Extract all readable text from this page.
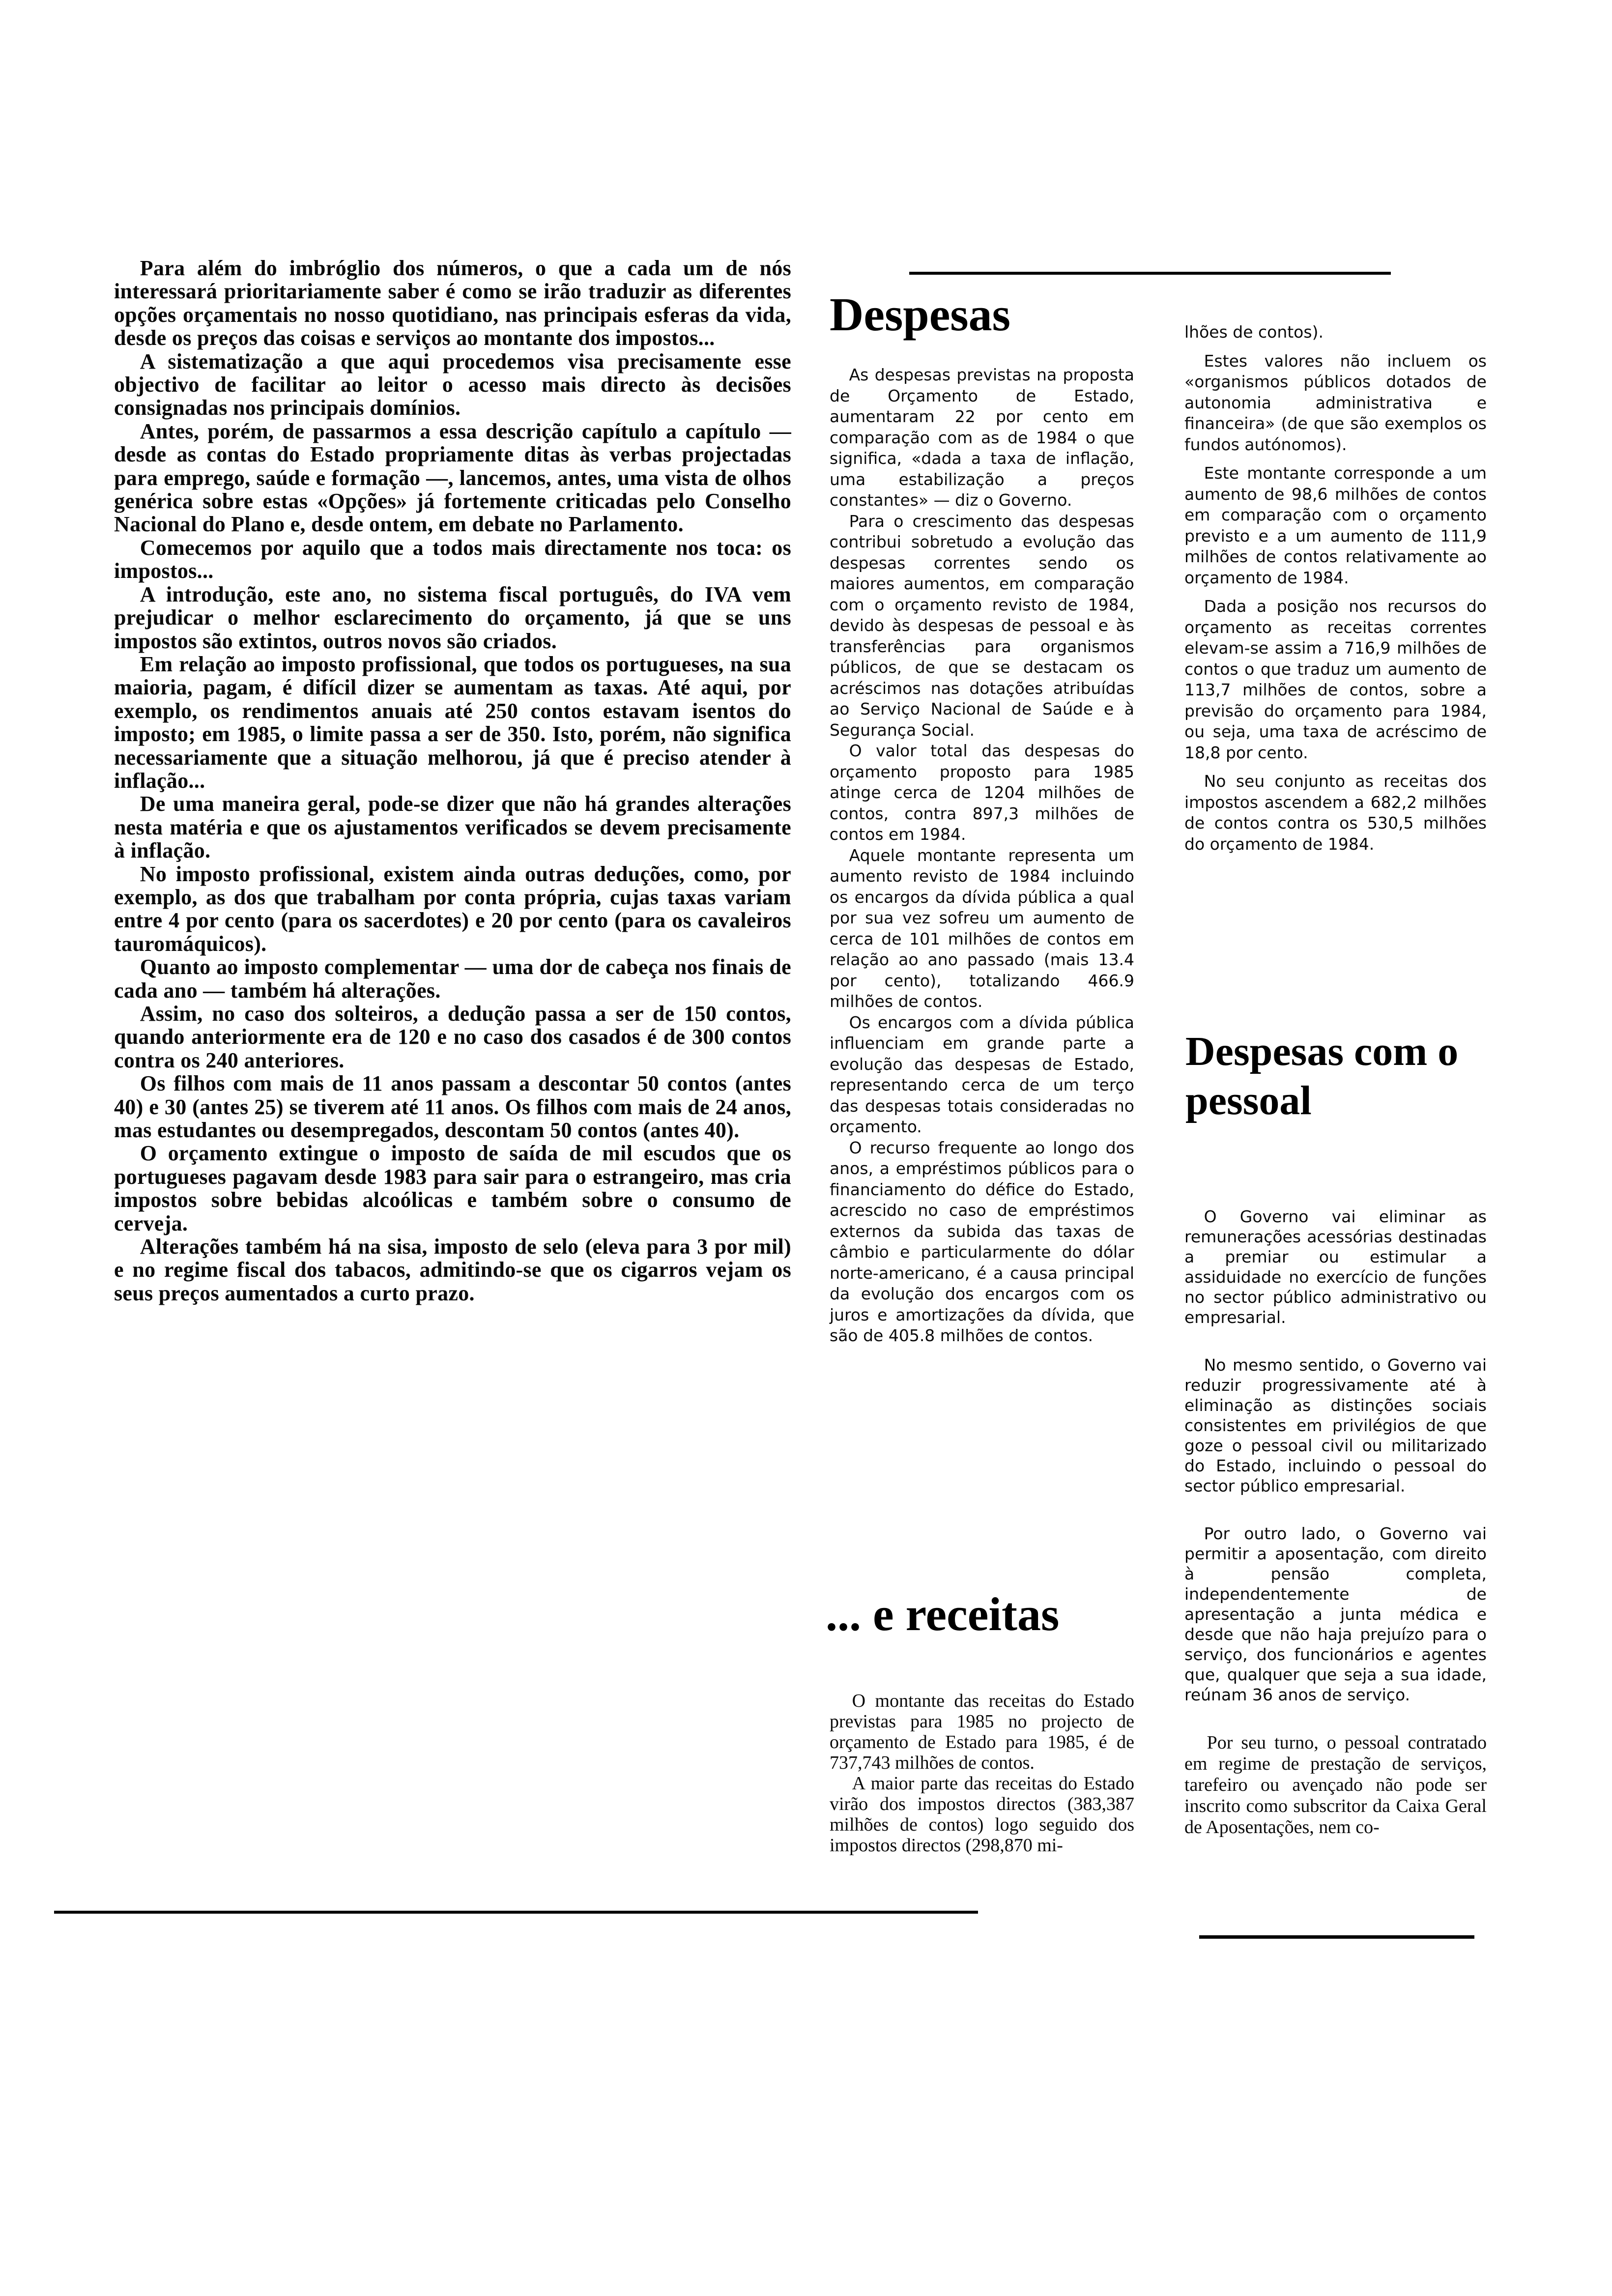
Para além do imbróglio dos números, o que a cada um de nós interessará prioritariamente saber é como se irão traduzir as diferentes opções orçamentais no nosso quotidiano, nas principais esferas da vida, desde os preços das coisas e serviços ao montante dos impostos...

A sistematização a que aqui procedemos visa precisamente esse objectivo de facilitar ao leitor o acesso mais directo às decisões consignadas nos principais domínios.

Antes, porém, de passarmos a essa descrição capítulo a capítulo — desde as contas do Estado propriamente ditas às verbas projectadas para emprego, saúde e formação —, lancemos, antes, uma vista de olhos genérica sobre estas «Opções» já fortemente criticadas pelo Conselho Nacional do Plano e, desde ontem, em debate no Parlamento.

Comecemos por aquilo que a todos mais directamente nos toca: os impostos...

A introdução, este ano, no sistema fiscal português, do IVA vem prejudicar o melhor esclarecimento do orçamento, já que se uns impostos são extintos, outros novos são criados.

Em relação ao imposto profissional, que todos os portugueses, na sua maioria, pagam, é difícil dizer se aumentam as taxas. Até aqui, por exemplo, os rendimentos anuais até 250 contos estavam isentos do imposto; em 1985, o limite passa a ser de 350. Isto, porém, não significa necessariamente que a situação melhorou, já que é preciso atender à inflação...

De uma maneira geral, pode-se dizer que não há grandes alterações nesta matéria e que os ajustamentos verificados se devem precisamente à inflação.

No imposto profissional, existem ainda outras deduções, como, por exemplo, as dos que trabalham por conta própria, cujas taxas variam entre 4 por cento (para os sacerdotes) e 20 por cento (para os cavaleiros tauromáquicos).

Quanto ao imposto complementar — uma dor de cabeça nos finais de cada ano — também há alterações.

Assim, no caso dos solteiros, a dedução passa a ser de 150 contos, quando anteriormente era de 120 e no caso dos casados é de 300 contos contra os 240 anteriores.

Os filhos com mais de 11 anos passam a descontar 50 contos (antes 40) e 30 (antes 25) se tiverem até 11 anos. Os filhos com mais de 24 anos, mas estudantes ou desempregados, descontam 50 contos (antes 40).

O orçamento extingue o imposto de saída de mil escudos que os portugueses pagavam desde 1983 para sair para o estrangeiro, mas cria impostos sobre bebidas alcoólicas e também sobre o consumo de cerveja.

Alterações também há na sisa, imposto de selo (eleva para 3 por mil) e no regime fiscal dos tabacos, admitindo-se que os cigarros vejam os seus preços aumentados a curto prazo.

Despesas

As despesas previstas na proposta de Orçamento de Estado, aumentaram 22 por cento em comparação com as de 1984 o que significa, «dada a taxa de inflação, uma estabilização a preços constantes» — diz o Governo.

Para o crescimento das despesas contribui sobretudo a evolução das despesas correntes sendo os maiores aumentos, em comparação com o orçamento revisto de 1984, devido às despesas de pessoal e às transferências para organismos públicos, de que se destacam os acréscimos nas dotações atribuídas ao Serviço Nacional de Saúde e à Segurança Social.

O valor total das despesas do orçamento proposto para 1985 atinge cerca de 1204 milhões de contos, contra 897,3 milhões de contos em 1984.

Aquele montante representa um aumento revisto de 1984 incluindo os encargos da dívida pública a qual por sua vez sofreu um aumento de cerca de 101 milhões de contos em relação ao ano passado (mais 13.4 por cento), totalizando 466.9 milhões de contos.

Os encargos com a dívida pública influenciam em grande parte a evolução das despesas de Estado, representando cerca de um terço das despesas totais consideradas no orçamento.

O recurso frequente ao longo dos anos, a empréstimos públicos para o financiamento do défice do Estado, acrescido no caso de empréstimos externos da subida das taxas de câmbio e particularmente do dólar norte-americano, é a causa principal da evolução dos encargos com os juros e amortizações da dívida, que são de 405.8 milhões de contos.

... e receitas

O montante das receitas do Estado previstas para 1985 no projecto de orçamento de Estado para 1985, é de 737,743 milhões de contos.

A maior parte das receitas do Estado virão dos impostos directos (383,387 milhões de contos) logo seguido dos impostos directos (298,870 mi-

lhões de contos).

Estes valores não incluem os «organismos públicos dotados de autonomia administrativa e financeira» (de que são exemplos os fundos autónomos).

Este montante corresponde a um aumento de 98,6 milhões de contos em comparação com o orçamento previsto e a um aumento de 111,9 milhões de contos relativamente ao orçamento de 1984.

Dada a posição nos recursos do orçamento as receitas correntes elevam-se assim a 716,9 milhões de contos o que traduz um aumento de 113,7 milhões de contos, sobre a previsão do orçamento para 1984, ou seja, uma taxa de acréscimo de 18,8 por cento.

No seu conjunto as receitas dos impostos ascendem a 682,2 milhões de contos contra os 530,5 milhões do orçamento de 1984.

Despesas com o pessoal

O Governo vai eliminar as remunerações acessórias destinadas a premiar ou estimular a assiduidade no exercício de funções no sector público administrativo ou empresarial.

No mesmo sentido, o Governo vai reduzir progressivamente até à eliminação as distinções sociais consistentes em privilégios de que goze o pessoal civil ou militarizado do Estado, incluindo o pessoal do sector público empresarial.

Por outro lado, o Governo vai permitir a aposentação, com direito à pensão completa, independentemente de apresentação a junta médica e desde que não haja prejuízo para o serviço, dos funcionários e agentes que, qualquer que seja a sua idade, reúnam 36 anos de serviço.

Por seu turno, o pessoal contratado em regime de prestação de serviços, tarefeiro ou avençado não pode ser inscrito como subscritor da Caixa Geral de Aposentações, nem co-
